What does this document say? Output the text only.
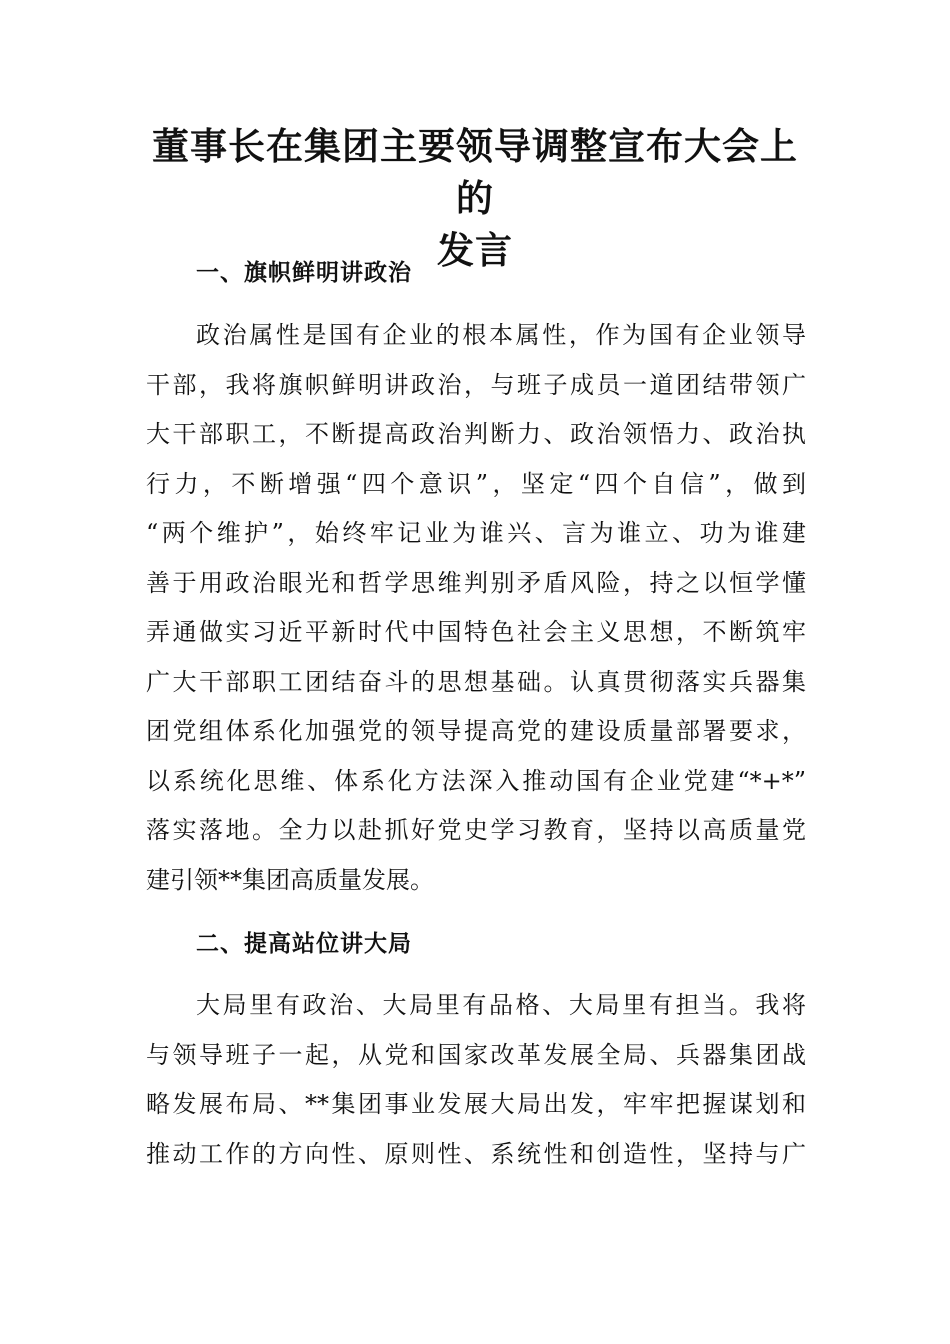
董事长在集团主要领导调整宣布大会上的
发言
一、旗帜鲜明讲政治
政治属性是国有企业的根本属性，作为国有企业领导
干部，我将旗帜鲜明讲政治，与班子成员一道团结带领广
大干部职工，不断提高政治判断力、政治领悟力、政治执
行力，不断增强“四个意识”，坚定“四个自信”，做到
“两个维护”，始终牢记业为谁兴、言为谁立、功为谁建
善于用政治眼光和哲学思维判别矛盾风险，持之以恒学懂
弄通做实习近平新时代中国特色社会主义思想，不断筑牢
广大干部职工团结奋斗的思想基础。认真贯彻落实兵器集
团党组体系化加强党的领导提高党的建设质量部署要求，
以系统化思维、体系化方法深入推动国有企业党建“*+*”
落实落地。全力以赴抓好党史学习教育，坚持以高质量党
建引领**集团高质量发展。
二、提高站位讲大局
大局里有政治、大局里有品格、大局里有担当。我将
与领导班子一起，从党和国家改革发展全局、兵器集团战
略发展布局、**集团事业发展大局出发，牢牢把握谋划和
推动工作的方向性、原则性、系统性和创造性，坚持与广
